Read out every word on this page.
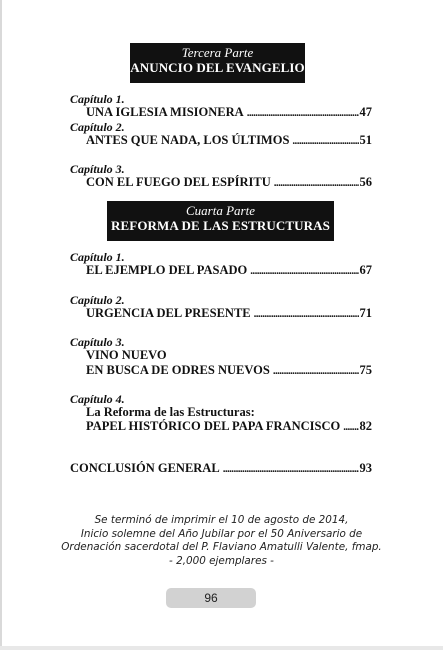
Tercera Parte
ANUNCIO DEL EVANGELIO
Capítulo 1.
UNA IGLESIA MISIONERA .....	47
Capítulo 2.
ANTES QUE NADA, LOS ÚLTIMOS .....	51
Capítulo 3.
CON EL FUEGO DEL ESPÍRITU .....	56
Cuarta Parte
REFORMA DE LAS ESTRUCTURAS
Capítulo 1.
EL EJEMPLO DEL PASADO .....	67
Capítulo 2.
URGENCIA DEL PRESENTE .....	71
Capítulo 3.
VINO NUEVO
EN BUSCA DE ODRES NUEVOS .....	75
Capítulo 4.
La Reforma de las Estructuras:
PAPEL HISTÓRICO DEL PAPA FRANCISCO ..... 82
CONCLUSIÓN GENERAL .....	93
Se terminó de imprimir el 10 de agosto de 2014,
Inicio solemne del Año Jubilar por el 50 Aniversario de
Ordenación sacerdotal del P. Flaviano Amatulli Valente, fmap.
- 2,000 ejemplares -
96
